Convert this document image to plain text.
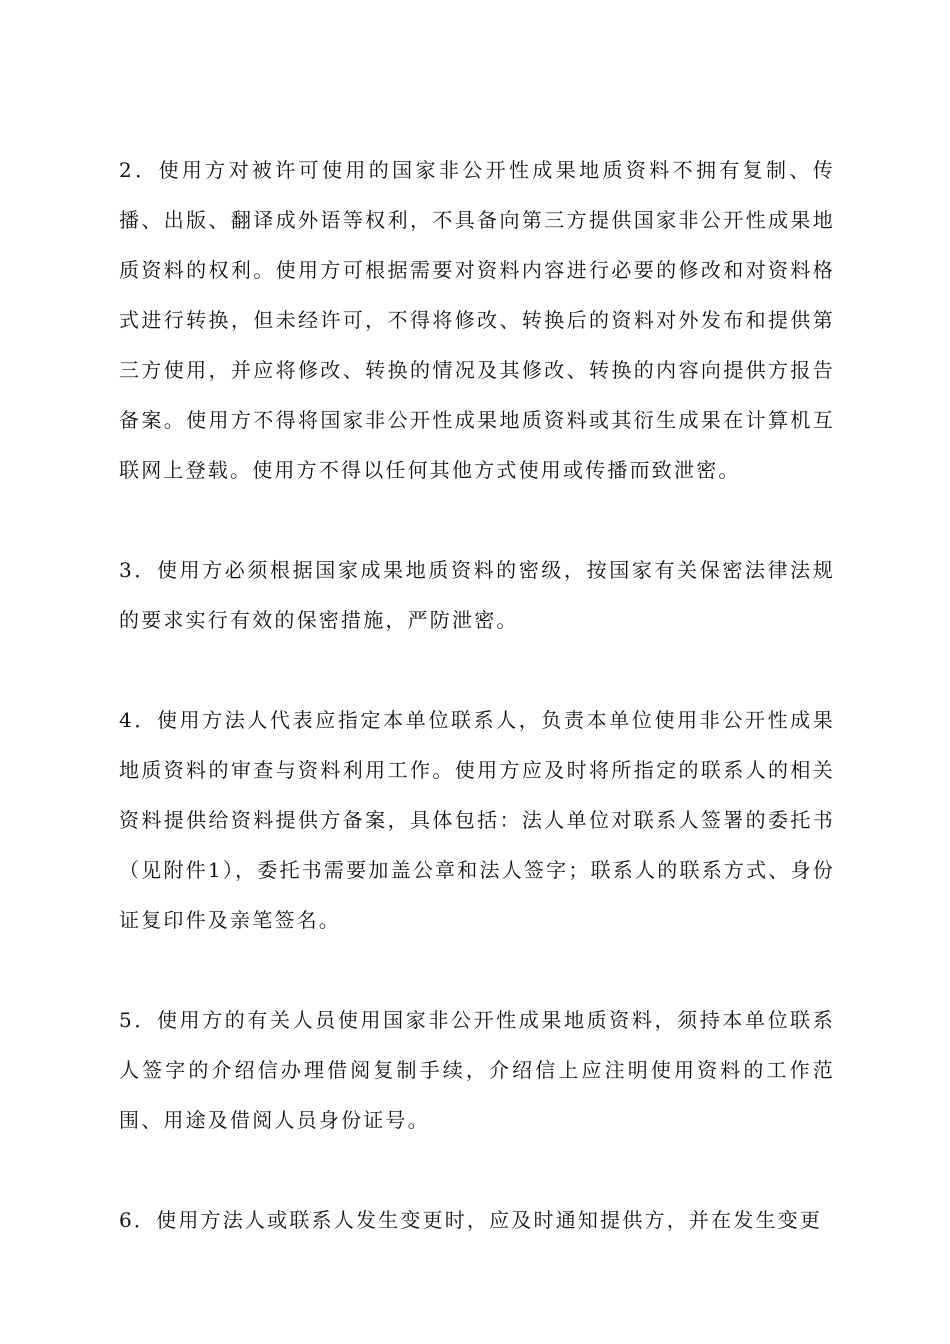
2．使用方对被许可使用的国家非公开性成果地质资料不拥有复制、传播、出版、翻译成外语等权利，不具备向第三方提供国家非公开性成果地质资料的权利。使用方可根据需要对资料内容进行必要的修改和对资料格式进行转换，但未经许可，不得将修改、转换后的资料对外发布和提供第三方使用，并应将修改、转换的情况及其修改、转换的内容向提供方报告备案。使用方不得将国家非公开性成果地质资料或其衍生成果在计算机互联网上登载。使用方不得以任何其他方式使用或传播而致泄密。

3．使用方必须根据国家成果地质资料的密级，按国家有关保密法律法规的要求实行有效的保密措施，严防泄密。

4．使用方法人代表应指定本单位联系人，负责本单位使用非公开性成果地质资料的审查与资料利用工作。使用方应及时将所指定的联系人的相关资料提供给资料提供方备案，具体包括：法人单位对联系人签署的委托书（见附件1），委托书需要加盖公章和法人签字；联系人的联系方式、身份证复印件及亲笔签名。

5．使用方的有关人员使用国家非公开性成果地质资料，须持本单位联系人签字的介绍信办理借阅复制手续，介绍信上应注明使用资料的工作范围、用途及借阅人员身份证号。

6．使用方法人或联系人发生变更时，应及时通知提供方，并在发生变更
